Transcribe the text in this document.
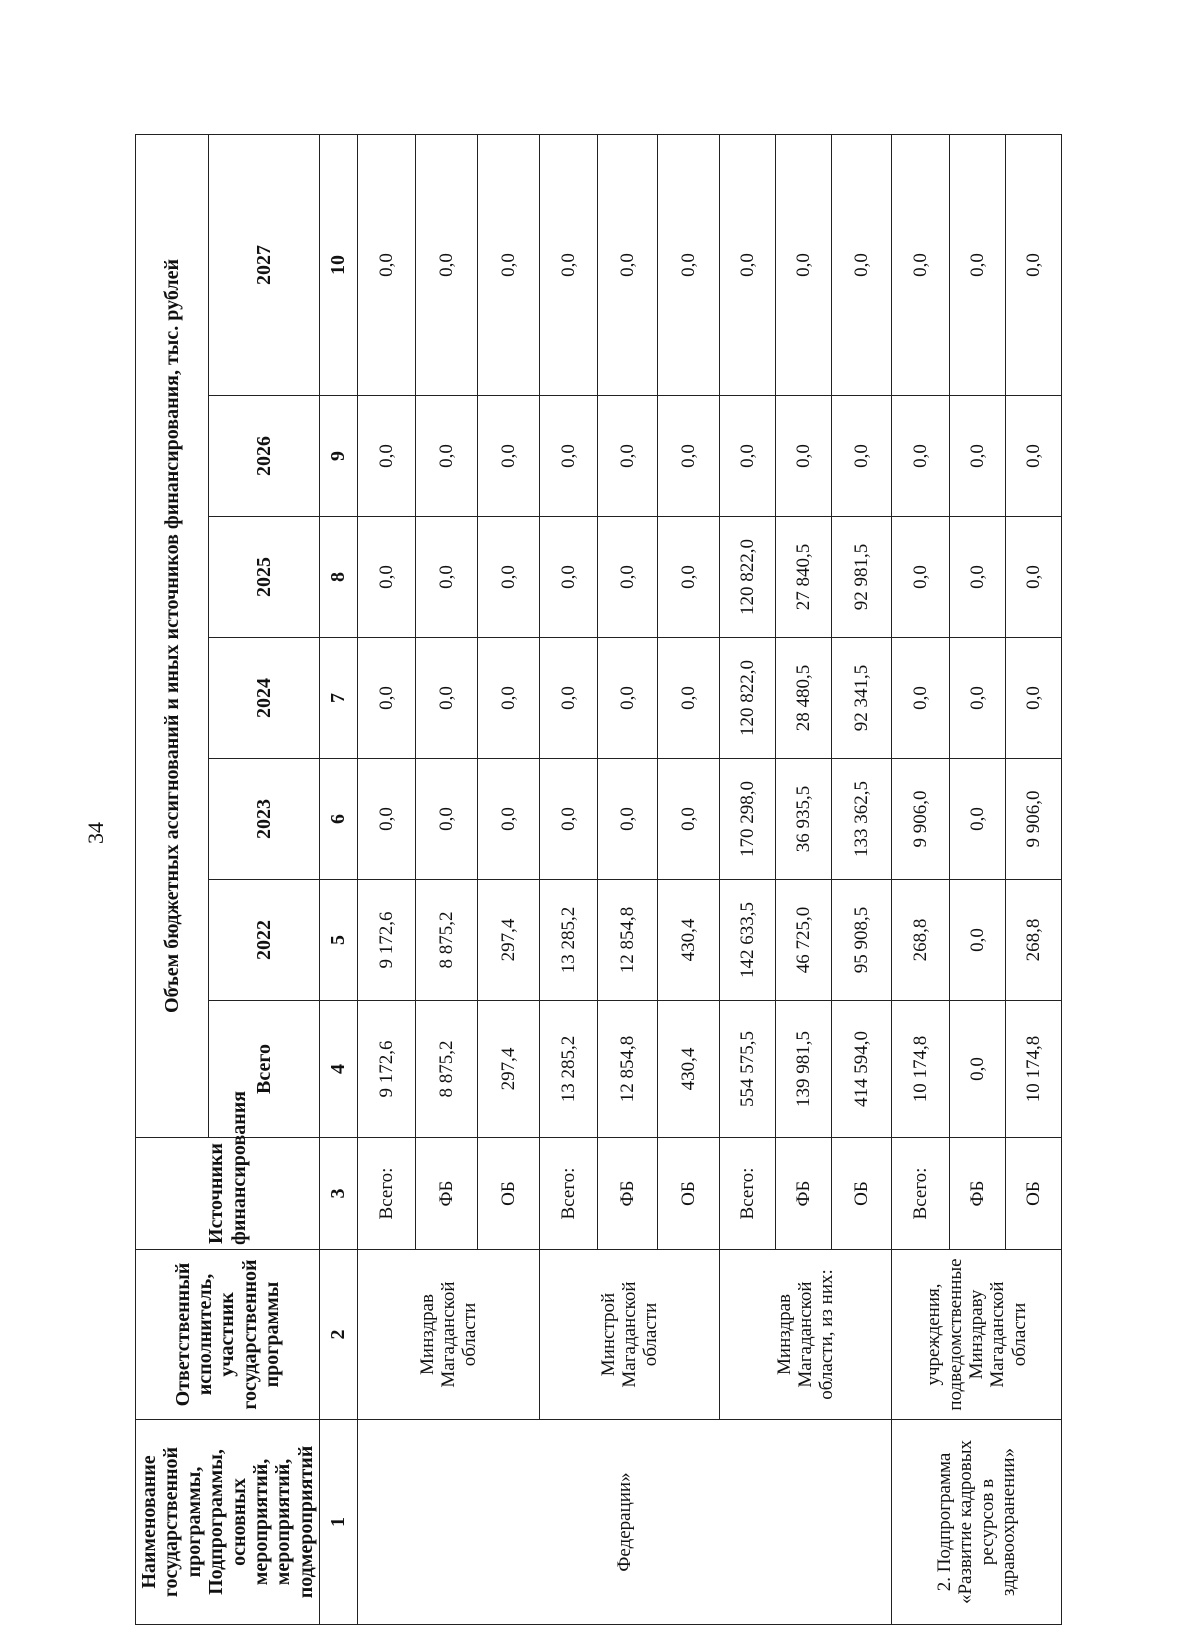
34
Наименование государственной программы, Подпрограммы, основных мероприятий, мероприятий, подмероприятий	Ответственный исполнитель, участник государственной программы	Источники финансирования	Объем бюджетных ассигнований и иных источников финансирования, тыс. рублей						
			Всего	2022	2023	2024	2025	2026	2027
1	2	3	4	5	6	7	8	9	10
Федерации»	Минздрав Магаданской области	Всего:	9 172,6	9 172,6	0,0	0,0	0,0	0,0	0,0
		ФБ	8 875,2	8 875,2	0,0	0,0	0,0	0,0	0,0
		ОБ	297,4	297,4	0,0	0,0	0,0	0,0	0,0
	Минстрой Магаданской области	Всего:	13 285,2	13 285,2	0,0	0,0	0,0	0,0	0,0
		ФБ	12 854,8	12 854,8	0,0	0,0	0,0	0,0	0,0
		ОБ	430,4	430,4	0,0	0,0	0,0	0,0	0,0
	Минздрав Магаданской области, из них:	Всего:	554 575,5	142 633,5	170 298,0	120 822,0	120 822,0	0,0	0,0
		ФБ	139 981,5	46 725,0	36 935,5	28 480,5	27 840,5	0,0	0,0
		ОБ	414 594,0	95 908,5	133 362,5	92 341,5	92 981,5	0,0	0,0
2. Подпрограмма «Развитие кадровых ресурсов в здравоохранении»	учреждения, подведомственные Минздраву Магаданской области	Всего:	10 174,8	268,8	9 906,0	0,0	0,0	0,0	0,0
		ФБ	0,0	0,0	0,0	0,0	0,0	0,0	0,0
		ОБ	10 174,8	268,8	9 906,0	0,0	0,0	0,0	0,0
